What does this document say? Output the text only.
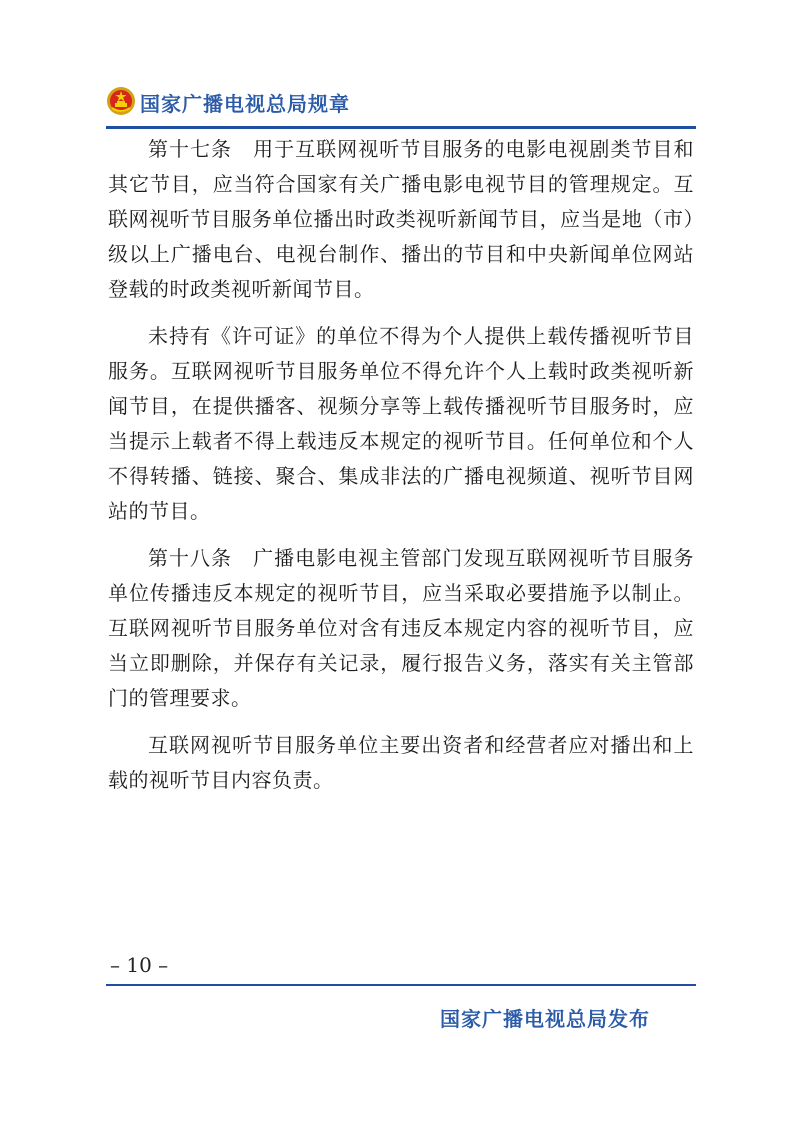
国家广播电视总局规章

第十七条　用于互联网视听节目服务的电影电视剧类节目和其它节目，应当符合国家有关广播电影电视节目的管理规定。互联网视听节目服务单位播出时政类视听新闻节目，应当是地（市）级以上广播电台、电视台制作、播出的节目和中央新闻单位网站登载的时政类视听新闻节目。

未持有《许可证》的单位不得为个人提供上载传播视听节目服务。互联网视听节目服务单位不得允许个人上载时政类视听新闻节目，在提供播客、视频分享等上载传播视听节目服务时，应当提示上载者不得上载违反本规定的视听节目。任何单位和个人不得转播、链接、聚合、集成非法的广播电视频道、视听节目网站的节目。

第十八条　广播电影电视主管部门发现互联网视听节目服务单位传播违反本规定的视听节目，应当采取必要措施予以制止。互联网视听节目服务单位对含有违反本规定内容的视听节目，应当立即删除，并保存有关记录，履行报告义务，落实有关主管部门的管理要求。

互联网视听节目服务单位主要出资者和经营者应对播出和上载的视听节目内容负责。

– 10 –
国家广播电视总局发布
